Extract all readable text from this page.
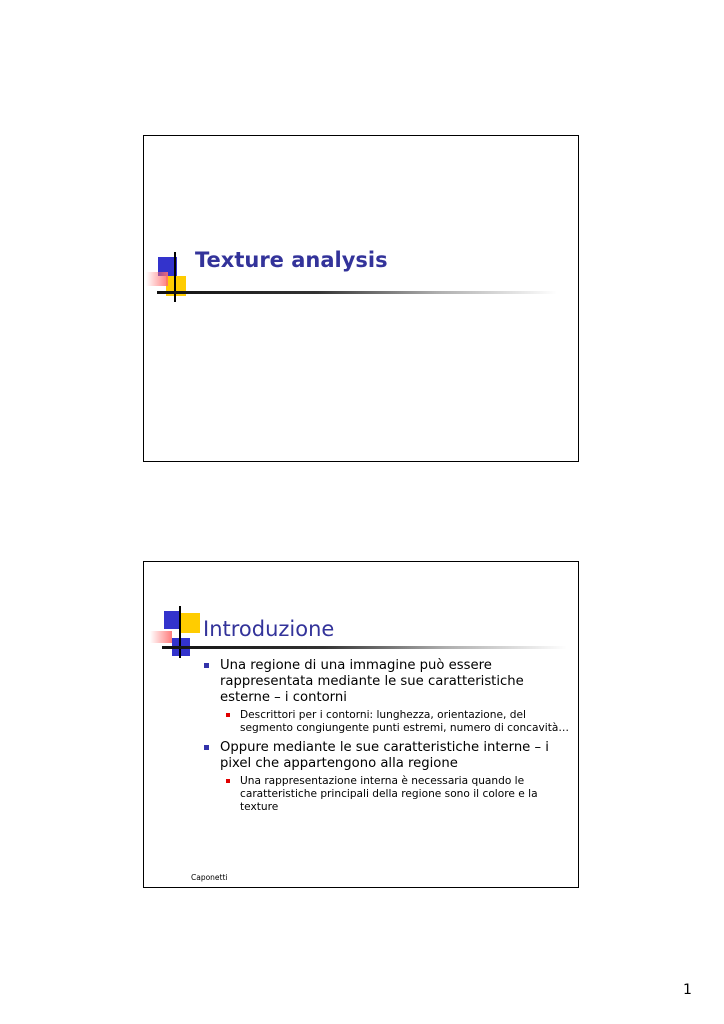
Texture analysis
Introduzione
Una regione di una immagine può essere rappresentata mediante le sue caratteristiche esterne – i contorni
Descrittori per i contorni: lunghezza, orientazione, del segmento congiungente punti estremi, numero di concavità…
Oppure mediante le sue caratteristiche interne – i pixel che appartengono alla regione
Una rappresentazione interna è necessaria quando le caratteristiche principali della regione sono il colore e la texture
Caponetti
1
